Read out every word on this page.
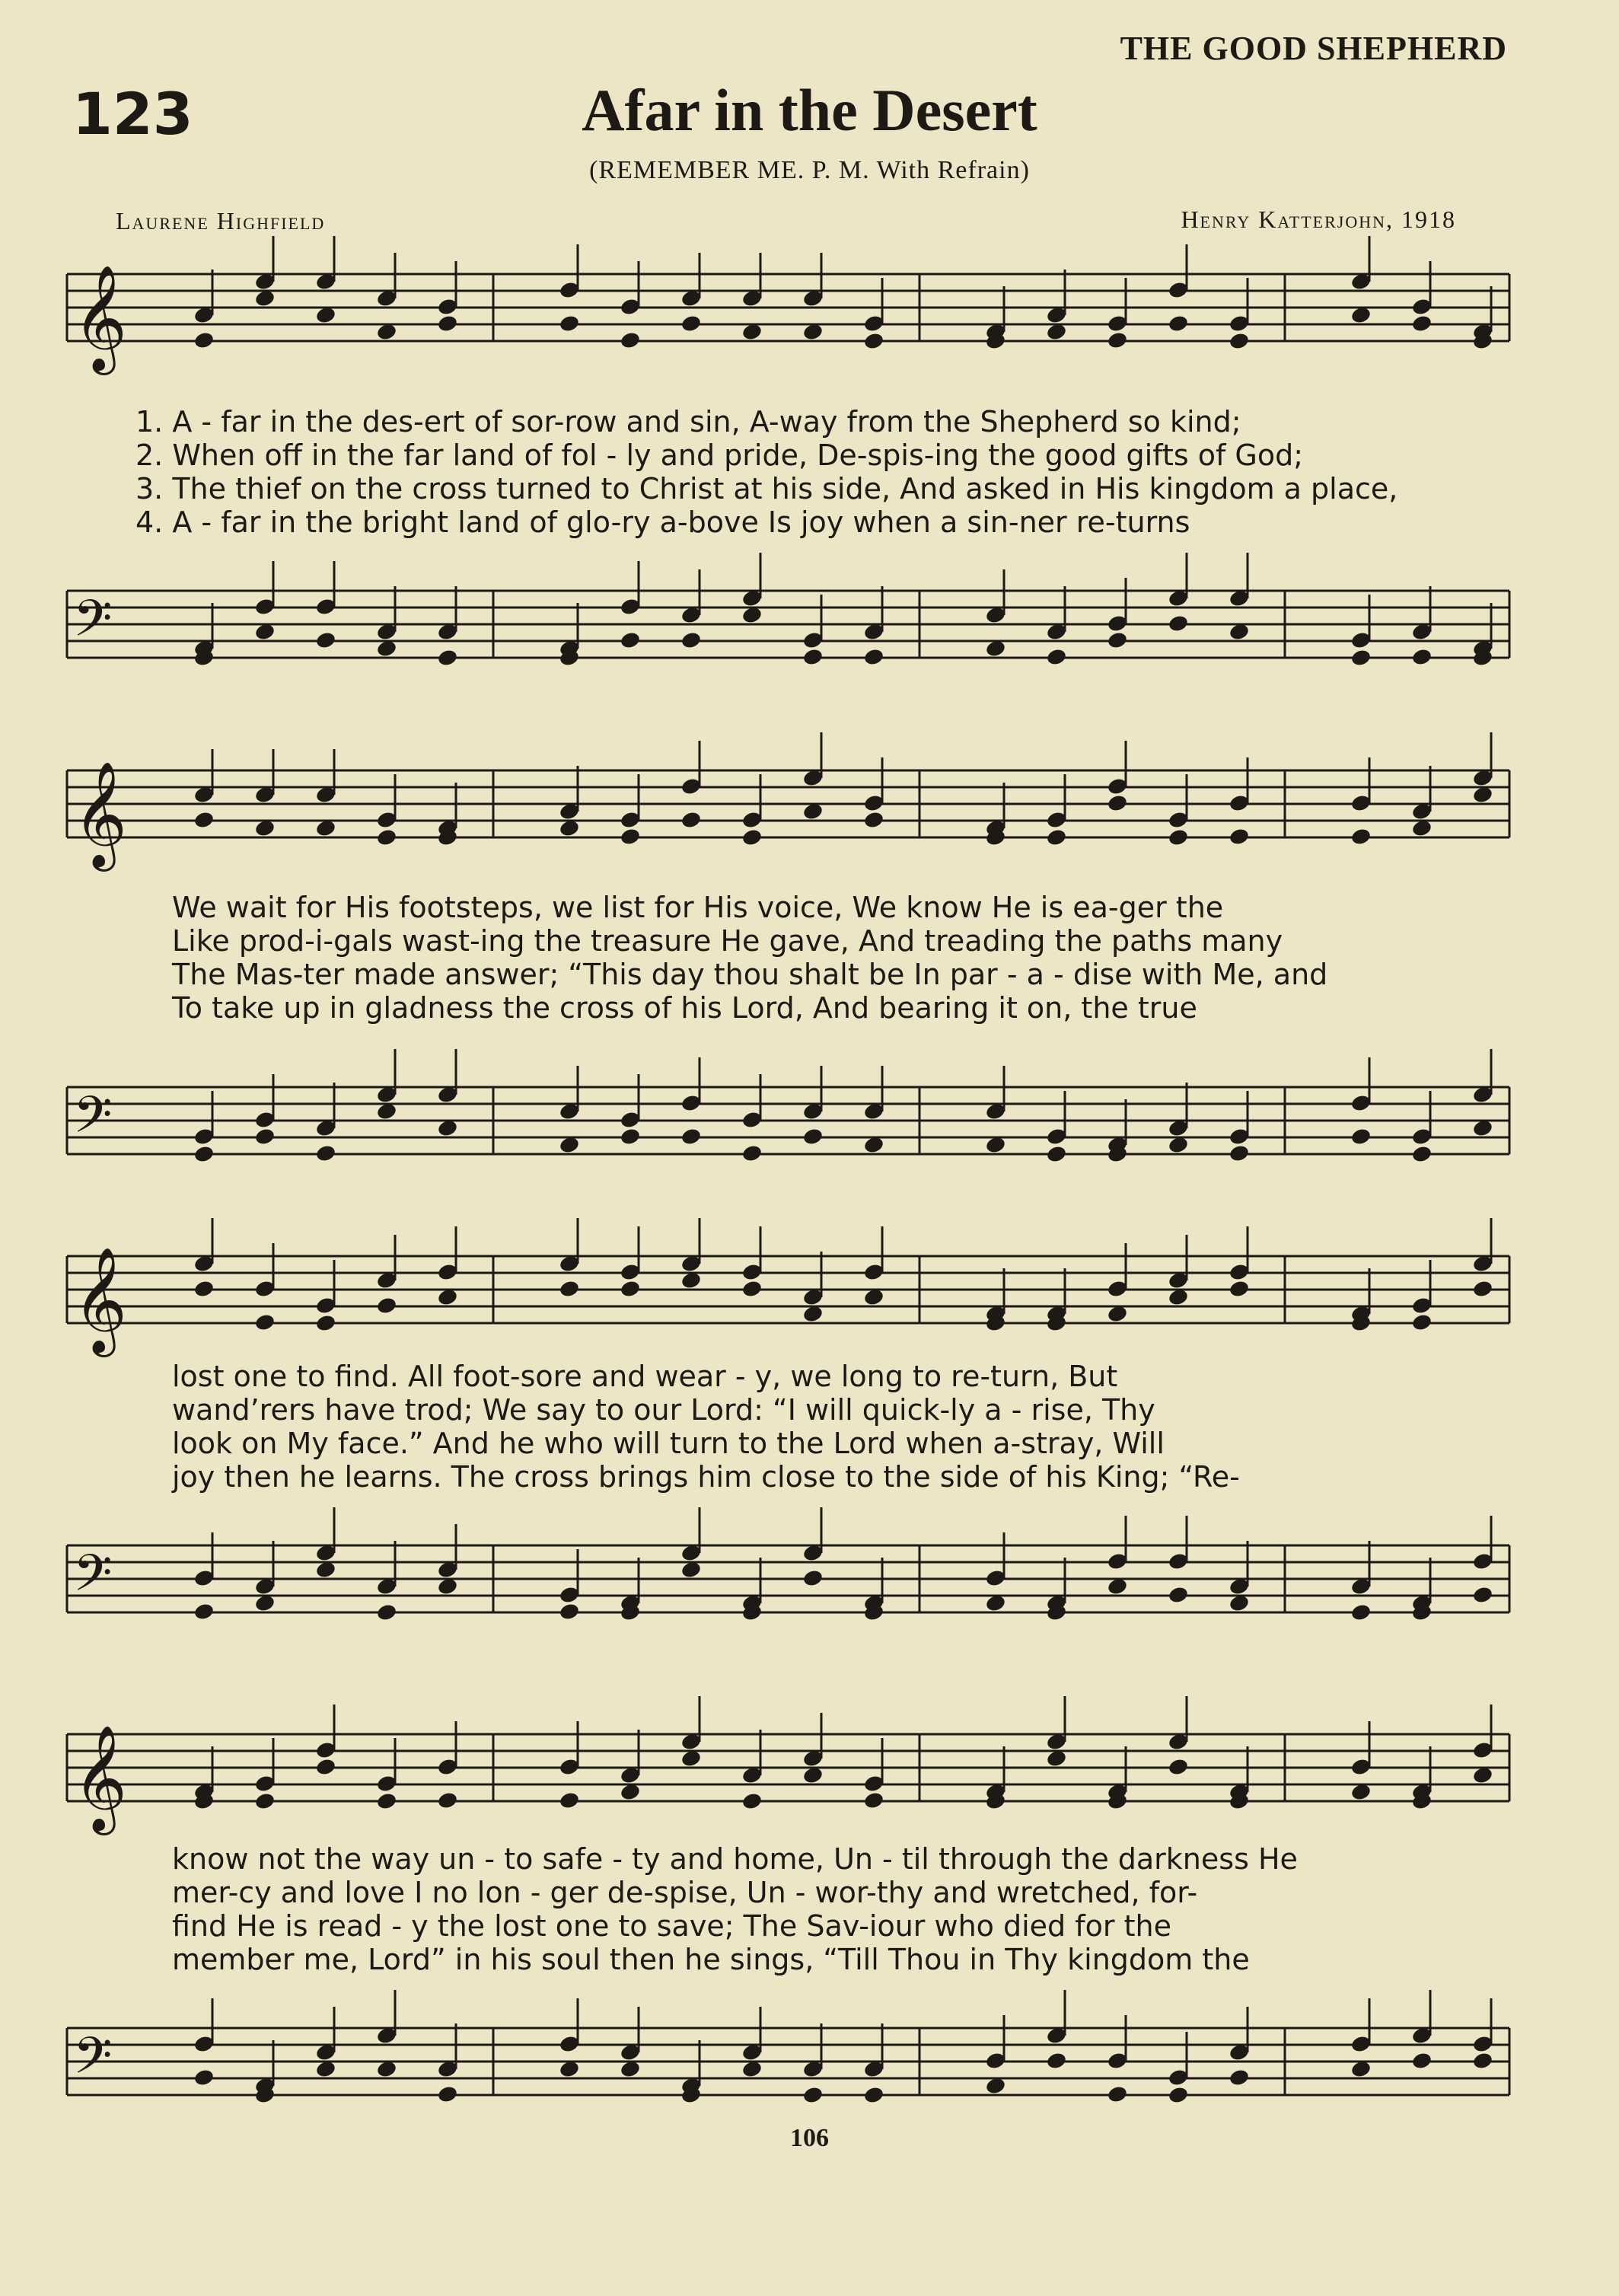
THE GOOD SHEPHERD
123	Afar in the Desert
(REMEMBER ME. P. M. With Refrain)
Laurene Highfield	Henry Katterjohn, 1918
𝄞
1. A - far in the des-ert of sor-row and sin, A-way from the Shepherd so kind;
2. When off in the far land of fol - ly and pride, De-spis-ing the good gifts of God;
3. The thief on the cross turned to Christ at his side, And asked in His kingdom a place,
4. A - far in the bright land of glo-ry a-bove Is joy when a sin-ner re-turns
𝄢
𝄞
We wait for His footsteps, we list for His voice, We know He is ea-ger the
Like prod-i-gals wast-ing the treasure He gave, And treading the paths many
The Mas-ter made answer; “This day thou shalt be In par - a - dise with Me, and
To take up in gladness the cross of his Lord, And bearing it on, the true
𝄢
𝄞
lost one to find. All foot-sore and wear - y, we long to re-turn, But
wand’rers have trod; We say to our Lord: “I will quick-ly a - rise, Thy
look on My face.” And he who will turn to the Lord when a-stray, Will
joy then he learns. The cross brings him close to the side of his King; “Re-
𝄢
𝄞
know not the way un - to safe - ty and home, Un - til through the darkness He
mer-cy and love I no lon - ger de-spise, Un - wor-thy and wretched, for-
find He is read - y the lost one to save; The Sav-iour who died for the
member me, Lord” in his soul then he sings, “Till Thou in Thy kingdom the
𝄢
106
